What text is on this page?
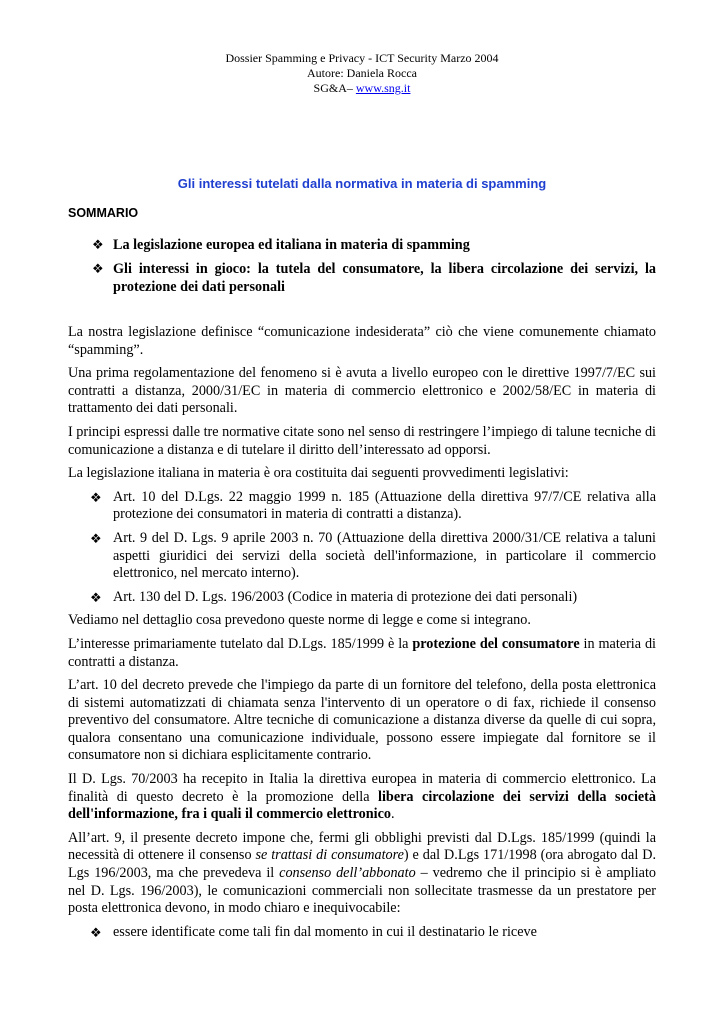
Dossier Spamming e Privacy - ICT Security Marzo 2004
Autore: Daniela Rocca
SG&A– www.sng.it
Gli interessi tutelati dalla normativa in materia di spamming
SOMMARIO
❖ La legislazione europea ed italiana in materia di spamming
❖ Gli interessi in gioco: la tutela del consumatore, la libera circolazione dei servizi, la protezione dei dati personali

La nostra legislazione definisce “comunicazione indesiderata” ciò che viene comunemente chiamato “spamming”.

Una prima regolamentazione del fenomeno si è avuta a livello europeo con le direttive 1997/7/EC sui contratti a distanza, 2000/31/EC in materia di commercio elettronico e 2002/58/EC in materia di trattamento dei dati personali.

I principi espressi dalle tre normative citate sono nel senso di restringere l’impiego di talune tecniche di comunicazione a distanza e di tutelare il diritto dell’interessato ad opporsi.

La legislazione italiana in materia è ora costituita dai seguenti provvedimenti legislativi:

❖ Art. 10 del D.Lgs. 22 maggio 1999 n. 185 (Attuazione della direttiva 97/7/CE relativa alla protezione dei consumatori in materia di contratti a distanza).
❖ Art. 9 del D. Lgs. 9 aprile 2003 n. 70 (Attuazione della direttiva 2000/31/CE relativa a taluni aspetti giuridici dei servizi della società dell'informazione, in particolare il commercio elettronico, nel mercato interno).
❖ Art. 130 del D. Lgs. 196/2003 (Codice in materia di protezione dei dati personali)

Vediamo nel dettaglio cosa prevedono queste norme di legge e come si integrano.

L’interesse primariamente tutelato dal D.Lgs. 185/1999 è la protezione del consumatore in materia di contratti a distanza.

L’art. 10 del decreto prevede che l'impiego da parte di un fornitore del telefono, della posta elettronica di sistemi automatizzati di chiamata senza l'intervento di un operatore o di fax, richiede il consenso preventivo del consumatore. Altre tecniche di comunicazione a distanza diverse da quelle di cui sopra, qualora consentano una comunicazione individuale, possono essere impiegate dal fornitore se il consumatore non si dichiara esplicitamente contrario.

Il D. Lgs. 70/2003 ha recepito in Italia la direttiva europea in materia di commercio elettronico. La finalità di questo decreto è la promozione della libera circolazione dei servizi della società dell'informazione, fra i quali il commercio elettronico.

All’art. 9, il presente decreto impone che, fermi gli obblighi previsti dal D.Lgs. 185/1999 (quindi la necessità di ottenere il consenso se trattasi di consumatore) e dal D.Lgs 171/1998 (ora abrogato dal D. Lgs 196/2003, ma che prevedeva il consenso dell’abbonato – vedremo che il principio si è ampliato nel D. Lgs. 196/2003), le comunicazioni commerciali non sollecitate trasmesse da un prestatore per posta elettronica devono, in modo chiaro e inequivocabile:

❖ essere identificate come tali fin dal momento in cui il destinatario le riceve
